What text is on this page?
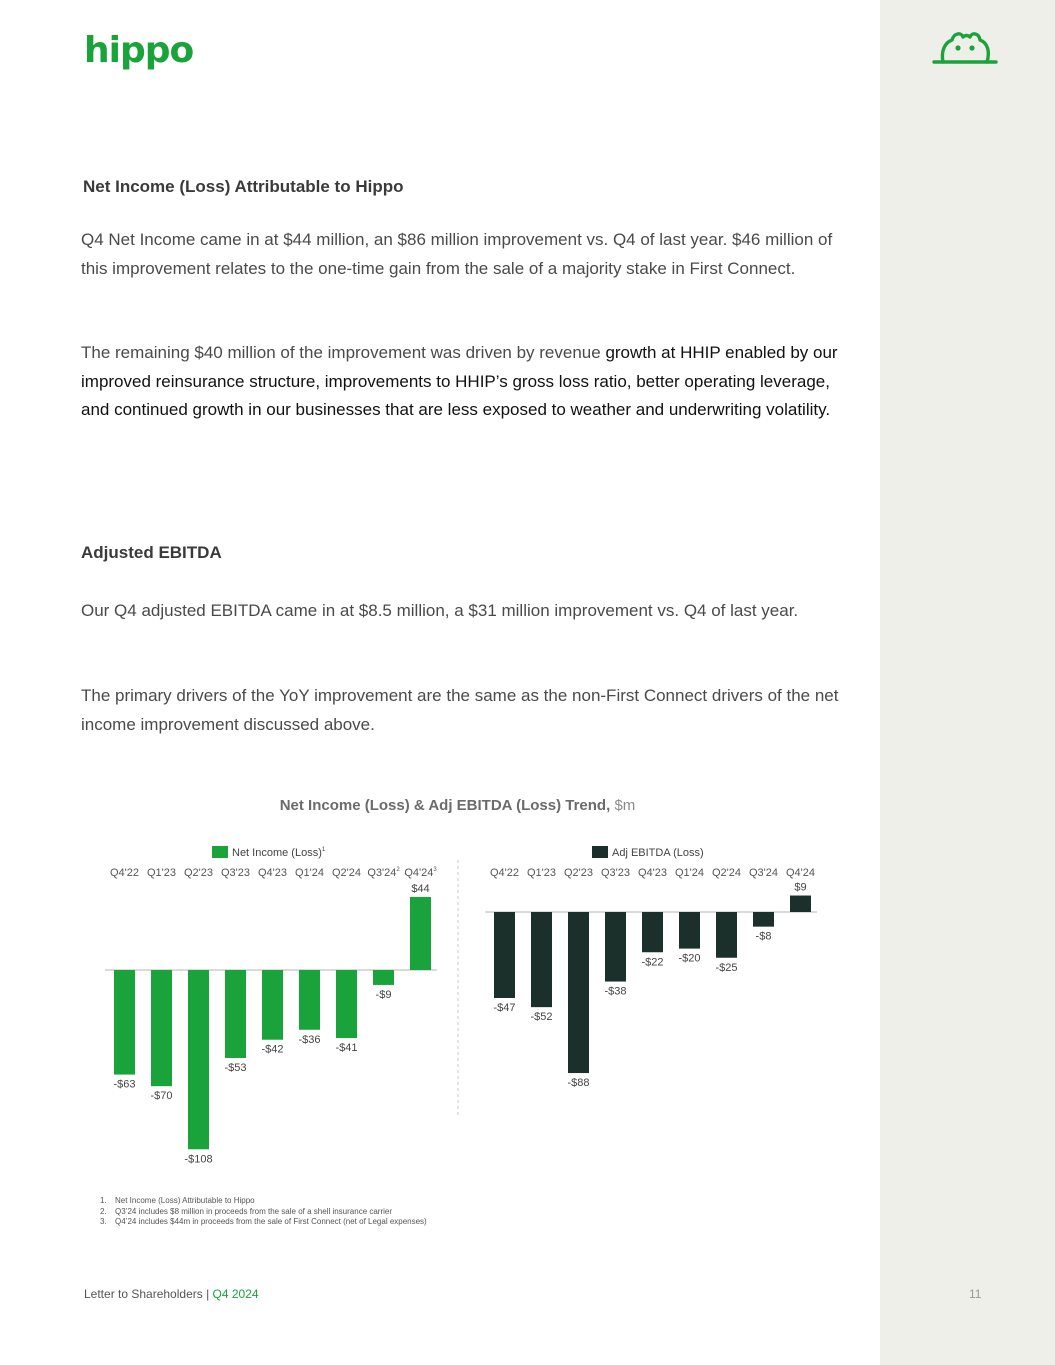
hippo
Net Income (Loss) Attributable to Hippo

Q4 Net Income came in at $44 million, an $86 million improvement vs. Q4 of last year. $46 million of this improvement relates to the one-time gain from the sale of a majority stake in First Connect.

The remaining $40 million of the improvement was driven by revenue growth at HHIP enabled by our improved reinsurance structure, improvements to HHIP’s gross loss ratio, better operating leverage, and continued growth in our businesses that are less exposed to weather and underwriting volatility.

Adjusted EBITDA

Our Q4 adjusted EBITDA came in at $8.5 million, a $31 million improvement vs. Q4 of last year.

The primary drivers of the YoY improvement are the same as the non-First Connect drivers of the net income improvement discussed above.

Net Income (Loss) & Adj EBITDA (Loss) Trend, $m
Net Income (Loss)$^1$
Q4'22
-$63
Q1'23
-$70
Q2'23
-$108
Q3'23
-$53
Q4'23
-$42
Q1'24
-$36
Q2'24
-$41
$Q3'24^2$
-$9
$Q4'24^3$
$44
Adj EBITDA (Loss)
Q4'22
-$47
Q1'23
-$52
Q2'23
-$88
Q3'23
-$38
Q4'23
-$22
Q1'24
-$20
Q2'24
-$25
Q3'24
-$8
Q4'24
$9
1. Net Income (Loss) Attributable to Hippo
2. Q3’24 includes $8 million in proceeds from the sale of a shell insurance carrier
3. Q4’24 includes $44m in proceeds from the sale of First Connect (net of Legal expenses)
Letter to Shareholders | Q4 2024	11
